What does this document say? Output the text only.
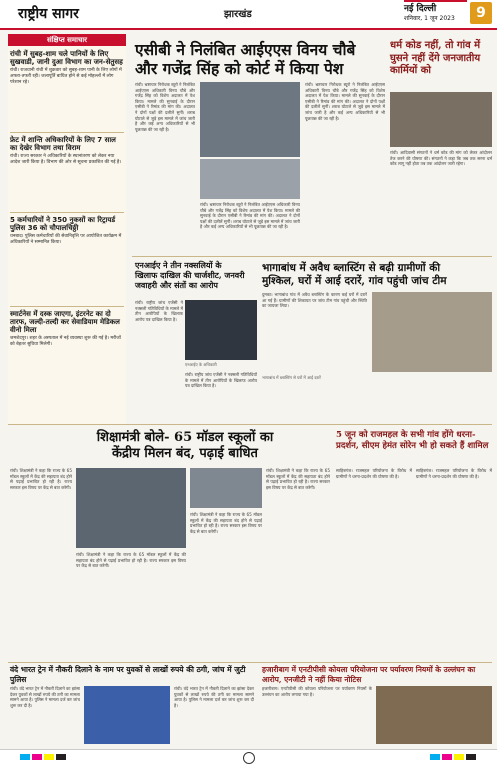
राष्ट्रीय सागर	झारखंड	नई दिल्ली
शनिवार, 1 जून 2023	9
संक्षिप्त समाचार
रांची में सुबह-शाम चले पानियों के लिए सुखवाडी, जानी दुआ विभाग का जन-सेतुसह
रांची। राजधानी रांची में शुक्रवार को सुबह-शाम पानी के लिए लोगों में अफरा-तफरी रही। जलापूर्ति बाधित होने से कई मोहल्लों में लोग परेशान रहे।
फ्रेट में शान्ति अधिकारियों के लिए 7 साल का देखेर विभाग तथा विराम
रांची। राज्य सरकार ने अधिकारियों के स्थानांतरण को लेकर नया आदेश जारी किया है। विभाग की ओर से सूचना प्रकाशित की गई है।
5 कर्मचारियों ने 350 नुकसों का रिट्रायर्ड पुलिस 36 को चौपालचिठ्ठी
धनबाद। पुलिस कर्मचारियों की सेवानिवृत्ति पर आयोजित कार्यक्रम में अधिकारियों ने सम्मानित किया।
स्मार्टनेस में दस्क जाएगा, इंटरनेट का दो तारफ, जल्दी-तल्दी कर सेवाडियाम मेडिकल वीनो मिला
जमशेदपुर। शहर के अस्पताल में नई व्यवस्था शुरू की गई है। मरीजों को बेहतर सुविधा मिलेगी।
एसीबी ने निलंबित आईएएस विनय चौबे
और गजेंद्र सिंह को कोर्ट में किया पेश
रांची। भ्रष्टाचार निरोधक ब्यूरो ने निलंबित आईएएस अधिकारी विनय चौबे और गजेंद्र सिंह को विशेष अदालत में पेश किया। मामले की सुनवाई के दौरान एसीबी ने रिमांड की मांग की। अदालत ने दोनों पक्षों की दलीलें सुनीं। शराब घोटाले से जुड़े इस मामले में जांच जारी है और कई अन्य अधिकारियों से भी पूछताछ की जा रही है।
रांची। भ्रष्टाचार निरोधक ब्यूरो ने निलंबित आईएएस अधिकारी विनय चौबे और गजेंद्र सिंह को विशेष अदालत में पेश किया। मामले की सुनवाई के दौरान एसीबी ने रिमांड की मांग की। अदालत ने दोनों पक्षों की दलीलें सुनीं। शराब घोटाले से जुड़े इस मामले में जांच जारी है और कई अन्य अधिकारियों से भी पूछताछ की जा रही है।
रांची। भ्रष्टाचार निरोधक ब्यूरो ने निलंबित आईएएस अधिकारी विनय चौबे और गजेंद्र सिंह को विशेष अदालत में पेश किया। मामले की सुनवाई के दौरान एसीबी ने रिमांड की मांग की। अदालत ने दोनों पक्षों की दलीलें सुनीं। शराब घोटाले से जुड़े इस मामले में जांच जारी है और कई अन्य अधिकारियों से भी पूछताछ की जा रही है।
धर्म कोड नहीं, तो गांव में घुसने नहीं देंगे जनजातीय कार्मियों को
रांची। आदिवासी संगठनों ने धर्म कोड की मांग को लेकर आंदोलन तेज करने की घोषणा की। संगठनों ने कहा कि जब तक सरना धर्म कोड लागू नहीं होता तब तक आंदोलन जारी रहेगा।
एनआईए ने तीन नक्सलियों के खिलाफ दाखिल की चार्जशीट, जनवरी जवाहरी और संतों का आरोप
एनआईए के अधिकारी
रांची। राष्ट्रीय जांच एजेंसी ने नक्सली गतिविधियों के मामले में तीन आरोपियों के खिलाफ आरोप पत्र दाखिल किया है।
रांची। राष्ट्रीय जांच एजेंसी ने नक्सली गतिविधियों के मामले में तीन आरोपियों के खिलाफ आरोप पत्र दाखिल किया है।
भागाबांध में अवैध ब्लास्टिंग से बढ़ी ग्रामीणों की
मुश्किल, घरों में आई दरारें, गांव पहुंची जांच टीम
दुमका। भागाबांध गांव में अवैध ब्लास्टिंग के कारण कई घरों में दरारें आ गई हैं। ग्रामीणों की शिकायत पर जांच टीम गांव पहुंची और स्थिति का जायजा लिया।
भागाबांध में ब्लास्टिंग से घरों में आई दरारें
शिक्षामंत्री बोले- 65 मॉडल स्कूलों का
केंद्रीय मिलन बंद, पढ़ाई बाधित
रांची। शिक्षामंत्री ने कहा कि राज्य के 65 मॉडल स्कूलों में केंद्र की सहायता बंद होने से पढ़ाई प्रभावित हो रही है। राज्य सरकार इस विषय पर केंद्र से बात करेगी।
रांची। शिक्षामंत्री ने कहा कि राज्य के 65 मॉडल स्कूलों में केंद्र की सहायता बंद होने से पढ़ाई प्रभावित हो रही है। राज्य सरकार इस विषय पर केंद्र से बात करेगी।
रांची। शिक्षामंत्री ने कहा कि राज्य के 65 मॉडल स्कूलों में केंद्र की सहायता बंद होने से पढ़ाई प्रभावित हो रही है। राज्य सरकार इस विषय पर केंद्र से बात करेगी।
रांची। शिक्षामंत्री ने कहा कि राज्य के 65 मॉडल स्कूलों में केंद्र की सहायता बंद होने से पढ़ाई प्रभावित हो रही है। राज्य सरकार इस विषय पर केंद्र से बात करेगी।
5 जून को राजमहल के सभी गांव होंगे धरना-प्रदर्शन, सीएम हेमंत सोरेन भी हो सकते हैं शामिल
साहिबगंज। राजमहल परियोजना के विरोध में ग्रामीणों ने धरना-प्रदर्शन की घोषणा की है।
साहिबगंज। राजमहल परियोजना के विरोध में ग्रामीणों ने धरना-प्रदर्शन की घोषणा की है।
वंदे भारत ट्रेन में नौकरी दिलाने के नाम पर युवकों से लाखों रुपये की ठगी, जांच में जुटी पुलिस
रांची। वंदे भारत ट्रेन में नौकरी दिलाने का झांसा देकर युवकों से लाखों रुपये की ठगी का मामला सामने आया है। पुलिस ने मामला दर्ज कर जांच शुरू कर दी है।
रांची। वंदे भारत ट्रेन में नौकरी दिलाने का झांसा देकर युवकों से लाखों रुपये की ठगी का मामला सामने आया है। पुलिस ने मामला दर्ज कर जांच शुरू कर दी है।
हजारीबाग में एनटीपीसी कोयला परियोजना पर पर्यावरण नियमों के उल्लंघन का आरोप, एनजीटी ने नहीं किया नोटिस
हजारीबाग। एनटीपीसी की कोयला परियोजना पर पर्यावरण नियमों के उल्लंघन का आरोप लगाया गया है।
